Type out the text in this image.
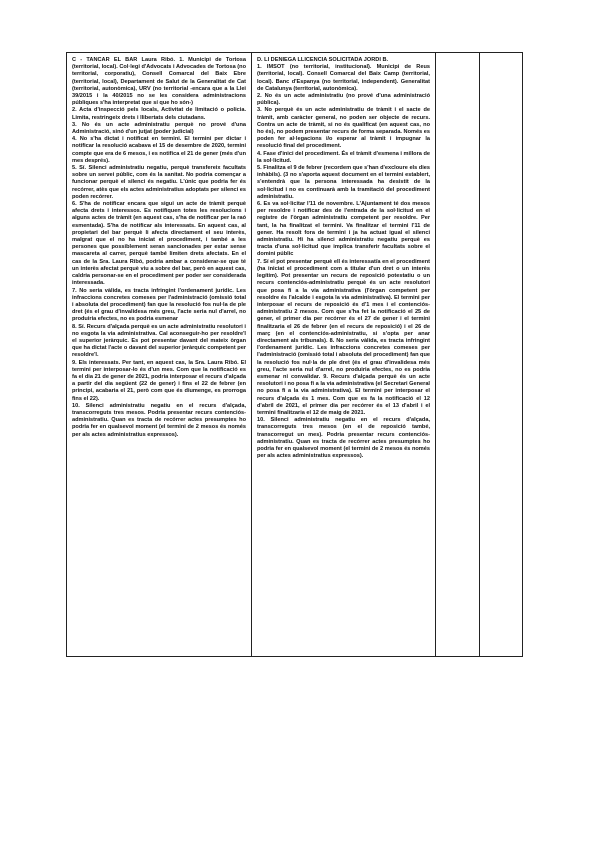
C - TANCAR EL BAR Laura Ribó. 1. Municipi de Tortosa (territorial, local). Col·legi d'Advocats i Advocades de Tortosa (no territorial, corporatiu), Consell Comarcal del Baix Ebre (territorial, local), Departament de Salut de la Generalitat de Cat (territorial, autonòmica), URV (no territorial -encara que a la Llei 39/2015 i la 40/2015 no se les considera administracions públiques s'ha interpretat que sí que ho són-)

2. Acta d'inspecció pels locals, Activitat de limitació o policia. Limita, restringeix drets i llibertats dels ciutadans.

3. No és un acte administratiu perquè no prové d'una Administració, sinó d'un jutjat (poder judicial)

4. No s'ha dictat i notificat en termini. El termini per dictar i notificar la resolució acabava el 15 de desembre de 2020, termini compte que era de 6 mesos, i es notifica el 21 de gener (més d'un mes després).

5. Sí. Silenci administratiu negatiu, perquè transfereix facultats sobre un servei públic, com és la sanitat. No podria començar a funcionar perquè el silenci és negatiu. L'únic que podria fer és recórrer, atès que els actes administratius adoptats per silenci es poden recórrer.

6. S'ha de notificar encara que sigui un acte de tràmit perquè afecta drets i interessos. Es notifiquen totes les resolucions i alguns actes de tràmit (en aquest cas, s'ha de notificar per la raó esmentada). S'ha de notificar als interessats. En aquest cas, al propietari del bar perquè li afecta directament el seu interès, malgrat que el no ha iniciat el procediment, i també a les persones que possiblement seran sancionades per estar sense mascareta al carrer, perquè també limiten drets afectats. En el cas de la Sra. Laura Ribó, podria ambar a considerar-se que té un interès afectat perquè viu a sobre del bar, però en aquest cas, caldria personar-se en el procediment per poder ser considerada interessada.

7. No seria vàlida, es tracta infringint l'ordenament jurídic. Les infraccions concretes comeses per l'administració (omissió total i absoluta del procediment) fan que la resolució fos nul·la de ple dret (és el grau d'invalidesa més greu, l'acte seria nul d'arrel, no produiria efectes, no es podria esmenar

8. Sí. Recurs d'alçada perquè es un acte administratiu resolutori i no esgota la via administrativa. Cal aconseguir-ho per resoldre'l el superior jeràrquic. Es pot presentar davant del mateix òrgan que ha dictat l'acte o davant del superior jeràrquic competent per resoldre'l.

9. Els interessats. Per tant, en aquest cas, la Sra. Laura Ribó. El termini per interposar-lo és d'un mes. Com que la notificació es fa el dia 21 de gener de 2021, podria interposar el recurs d'alçada a partir del dia següent (22 de gener) i fins el 22 de febrer (en principi, acabaria el 21, però com que és diumenge, es prorroga fins el 22).

10. Silenci administratiu negatiu en el recurs d'alçada, transcorreguts tres mesos. Podria presentar recurs contenciós-administratiu. Quan es tracta de recórrer actes presumptes ho podria fer en qualsevol moment (el termini de 2 mesos és només per als actes administratius expressos).

D. LI DENIEGA LLICENCIA SOLICITADA JORDI B.

1. IMSOT (no territorial, institucional). Municipi de Reus (territorial, local). Consell Comarcal del Baix Camp (territorial, local). Banc d'Espanya (no territorial, independent). Generalitat de Catalunya (territorial, autonòmica).

2. No és un acte administratiu (no prové d'una administració pública).

3. No perquè és un acte administratiu de tràmit i el sacte de tràmit, amb caràcter general, no poden ser objecte de recurs. Contra un acte de tràmit, si no és qualificat (en aquest cas, no ho és), no podem presentar recurs de forma separada. Només es poden fer al·legacions i/o esperar al tràmit i impugnar la resolució final del procediment.

4. Fase d'inici del procediment. És el tràmit d'esmena i millora de la sol·licitud.

5. Finalitza el 9 de febrer (recordem que s'han d'excloure els dies inhàbils). (3 no s'aporta aquest document en el termini establert, s'entendrà que la persona interessada ha desistit de la sol·licitud i no es continuarà amb la tramitació del procediment administratiu.

6. Es va sol·licitar l'11 de novembre. L'Ajuntament té dos mesos per resoldre i notificar des de l'entrada de la sol·licitud en el registre de l'òrgan administratiu competent per resoldre. Per tant, la ha finalitzat el termini. Va finalitzar el termini l'11 de gener. Ha resolt fora de termini i ja ha actuat igual el silenci administratiu. Hi ha silenci administratiu negatiu perquè es tracta d'una sol·licitud que implica transferir facultats sobre el domini públic

7. Sí el pot presentar perquè ell és interessat/a en el procediment (ha iniciat el procediment com a titular d'un dret o un interès legítim). Pot presentar un recurs de reposició potestatiu o un recurs contenciós-administratiu perquè és un acte resolutori que posa fi a la via administrativa (l'òrgan competent per resoldre és l'alcalde i esgota la via administrativa). El termini per interposar el recurs de reposició és d'1 mes i el contenciós-administratiu 2 mesos. Com que s'ha fet la notificació el 25 de gener, el primer dia per recórrer és el 27 de gener i el termini finalitzaria el 26 de febrer (en el recurs de reposició) i el 26 de març (en el contenciós-administratiu, si s'opta per anar directament als tribunals). 8. No seria vàlida, es tracta infringint l'ordenament jurídic. Les infraccions concretes comeses per l'administració (omissió total i absoluta del procediment) fan que la resolució fos nul·la de ple dret (és el grau d'invalidesa més greu, l'acte seria nul d'arrel, no produiria efectes, no es podria esmenar ni convalidar. 9. Recurs d'alçada perquè és un acte resolutori i no posa fi a la via administrativa (el Secretari General no posa fi a la via administrativa). El termini per interposar el recurs d'alçada és 1 mes. Com que es fa la notificació el 12 d'abril de 2021, el primer dia per recórrer és el 13 d'abril i el termini finalitzaria el 12 de maig de 2021.

10. Silenci administratiu negatiu en el recurs d'alçada, transcorreguts tres mesos (en el de reposició també, transcorregut un mes). Podria presentar recurs contenciós-administratiu. Quan es tracta de recórrer actes presumptes ho podria fer en qualsevol moment (el termini de 2 mesos és només per als actes administratius expressos).
